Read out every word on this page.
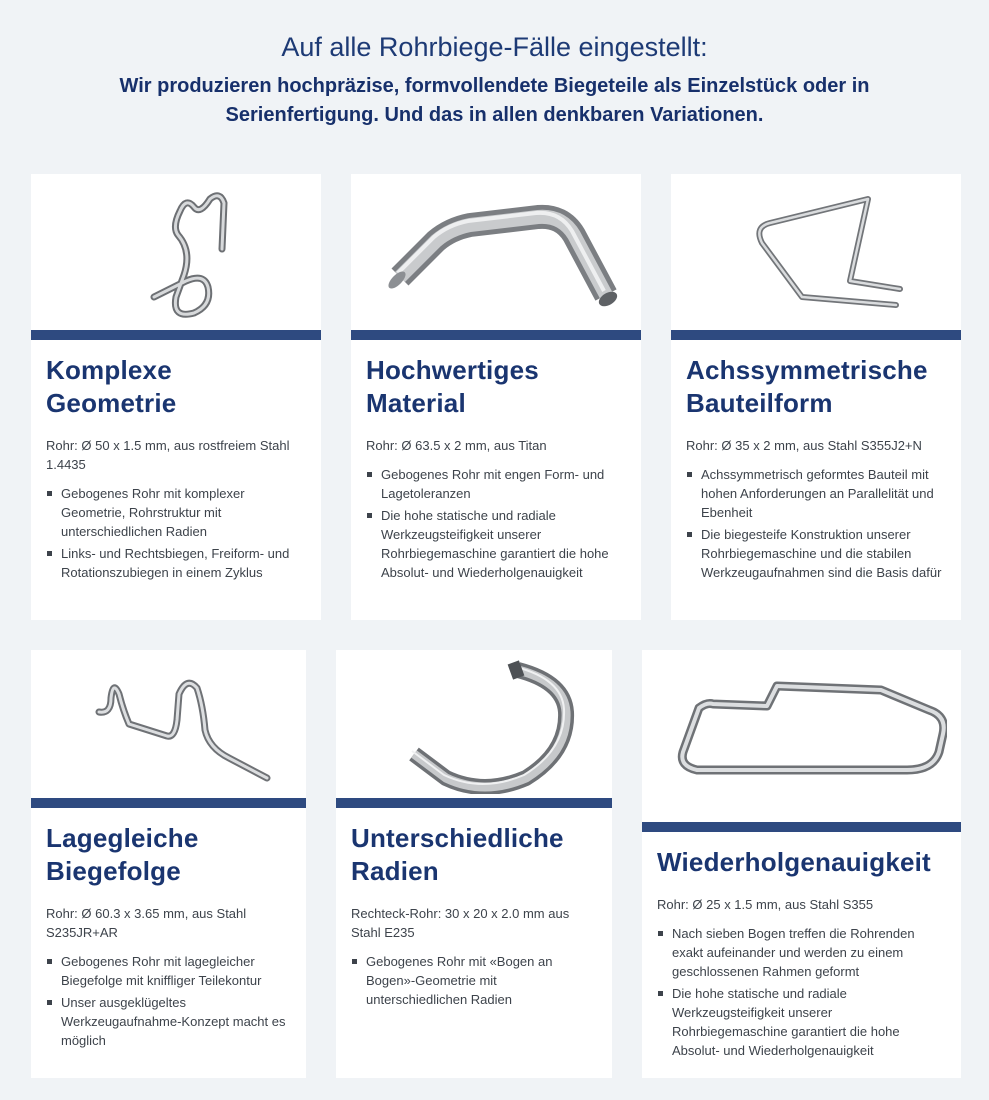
Auf alle Rohrbiege-Fälle eingestellt:

Wir produzieren hochpräzise, formvollendete Biegeteile als Einzelstück oder in Serienfertigung. Und das in allen denkbaren Variationen.

Komplexe Geometrie

Rohr: Ø 50 x 1.5 mm, aus rostfreiem Stahl 1.4435

Gebogenes Rohr mit komplexer Geometrie, Rohrstruktur mit unterschiedlichen Radien
Links- und Rechtsbiegen, Freiform- und Rotationszubiegen in einem Zyklus
Hochwertiges Material

Rohr: Ø 63.5 x 2 mm, aus Titan

Gebogenes Rohr mit engen Form- und Lagetoleranzen
Die hohe statische und radiale Werkzeugsteifigkeit unserer Rohrbiegemaschine garantiert die hohe Absolut- und Wiederholgenauigkeit
Achssymmetrische Bauteilform

Rohr: Ø 35 x 2 mm, aus Stahl S355J2+N

Achssymmetrisch geformtes Bauteil mit hohen Anforderungen an Parallelität und Ebenheit
Die biegesteife Konstruktion unserer Rohrbiegemaschine und die stabilen Werkzeugaufnahmen sind die Basis dafür
Lagegleiche Biegefolge

Rohr: Ø 60.3 x 3.65 mm, aus Stahl S235JR+AR

Gebogenes Rohr mit lagegleicher Biegefolge mit kniffliger Teilekontur
Unser ausgeklügeltes Werkzeugaufnahme-Konzept macht es möglich
Unterschiedliche Radien

Rechteck-Rohr: 30 x 20 x 2.0 mm aus Stahl E235

Gebogenes Rohr mit «Bogen an Bogen»-Geometrie mit unterschiedlichen Radien
Wiederholgenauigkeit

Rohr: Ø 25 x 1.5 mm, aus Stahl S355

Nach sieben Bogen treffen die Rohrenden exakt aufeinander und werden zu einem geschlossenen Rahmen geformt
Die hohe statische und radiale Werkzeugsteifigkeit unserer Rohrbiegemaschine garantiert die hohe Absolut- und Wiederholgenauigkeit
